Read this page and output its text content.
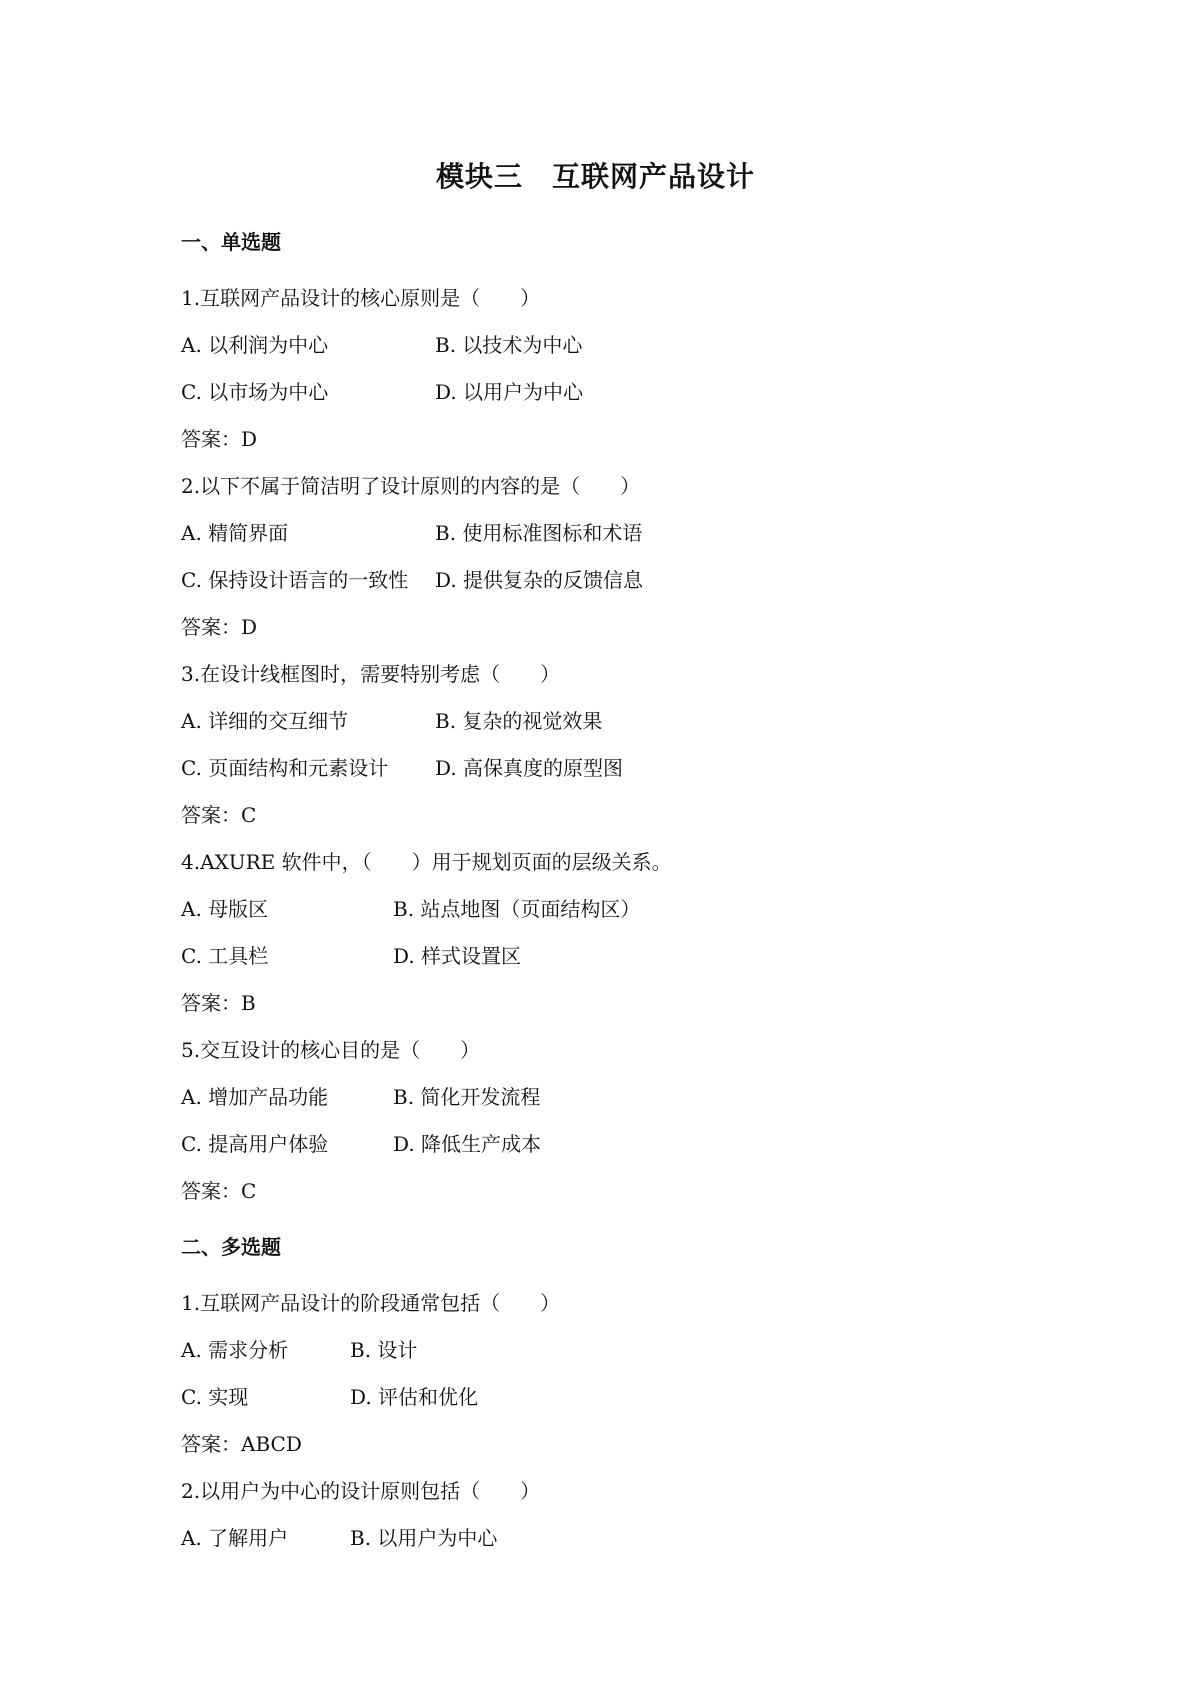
模块三　互联网产品设计
一、单选题
1.互联网产品设计的核心原则是（　　）
A. 以利润为中心	B. 以技术为中心
C. 以市场为中心	D. 以用户为中心
答案：D
2.以下不属于简洁明了设计原则的内容的是（　　）
A. 精简界面	B. 使用标准图标和术语
C. 保持设计语言的一致性 D. 提供复杂的反馈信息
答案：D
3.在设计线框图时，需要特别考虑（　　）
A. 详细的交互细节	B. 复杂的视觉效果
C. 页面结构和元素设计 D. 高保真度的原型图
答案：C
4.AXURE 软件中，（　　）用于规划页面的层级关系。
A. 母版区	B. 站点地图（页面结构区）
C. 工具栏	D. 样式设置区
答案：B
5.交互设计的核心目的是（　　）
A. 增加产品功能	B. 简化开发流程
C. 提高用户体验	D. 降低生产成本
答案：C
二、多选题
1.互联网产品设计的阶段通常包括（　　）
A. 需求分析	B. 设计
C. 实现	D. 评估和优化
答案：ABCD
2.以用户为中心的设计原则包括（　　）
A. 了解用户	B. 以用户为中心
